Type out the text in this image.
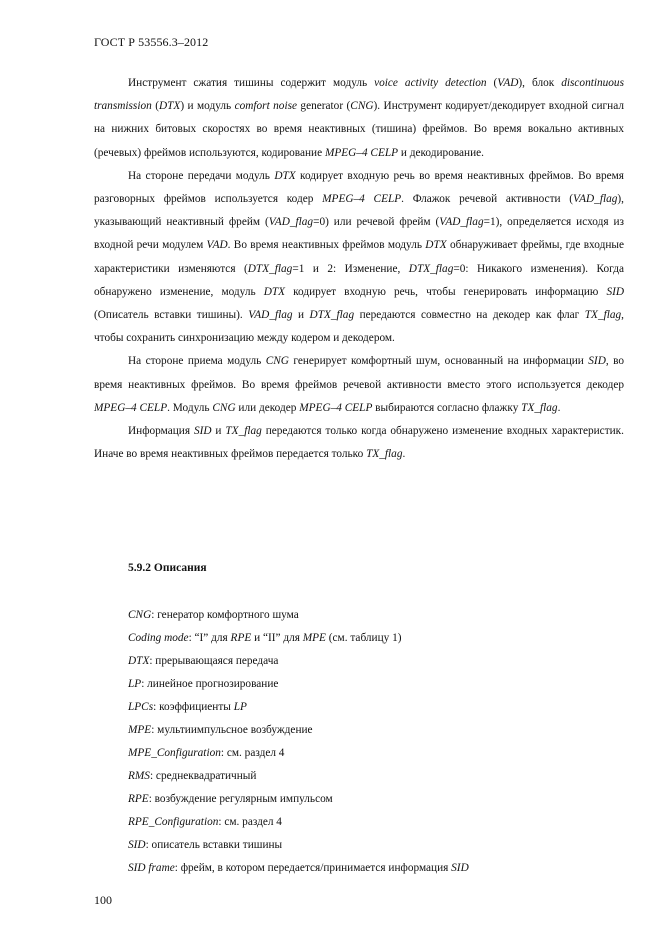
ГОСТ Р 53556.3–2012

Инструмент сжатия тишины содержит модуль voice activity detection (VAD), блок discontinuous transmission (DTX) и модуль comfort noise generator (CNG). Инструмент кодирует/декодирует входной сигнал на нижних битовых скоростях во время неактивных (тишина) фреймов. Во время вокально активных (речевых) фреймов используются, кодирование MPEG–4 CELP и декодирование.

На стороне передачи модуль DTX кодирует входную речь во время неактивных фреймов. Во время разговорных фреймов используется кодер MPEG–4 CELP. Флажок речевой активности (VAD_flag), указывающий неактивный фрейм (VAD_flag=0) или речевой фрейм (VAD_flag=1), определяется исходя из входной речи модулем VAD. Во время неактивных фреймов модуль DTX обнаруживает фреймы, где входные характеристики изменяются (DTX_flag=1 и 2: Изменение, DTX_flag=0: Никакого изменения). Когда обнаружено изменение, модуль DTX кодирует входную речь, чтобы генерировать информацию SID (Описатель вставки тишины). VAD_flag и DTX_flag передаются совместно на декодер как флаг TX_flag, чтобы сохранить синхронизацию между кодером и декодером.

На стороне приема модуль CNG генерирует комфортный шум, основанный на информации SID, во время неактивных фреймов. Во время фреймов речевой активности вместо этого используется декодер MPEG–4 CELP. Модуль CNG или декодер MPEG–4 CELP выбираются согласно флажку TX_flag.

Информация SID и TX_flag передаются только когда обнаружено изменение входных характеристик. Иначе во время неактивных фреймов передается только TX_flag.

5.9.2 Описания
CNG: генератор комфортного шума
Coding mode: “I” для RPE и “II” для MPE (см. таблицу 1)
DTX: прерывающаяся передача
LP: линейное прогнозирование
LPCs: коэффициенты LP
MPE: мультиимпульсное возбуждение
MPE_Configuration: см. раздел 4
RMS: среднеквадратичный
RPE: возбуждение регулярным импульсом
RPE_Configuration: см. раздел 4
SID: описатель вставки тишины
SID frame: фрейм, в котором передается/принимается информация SID
100
